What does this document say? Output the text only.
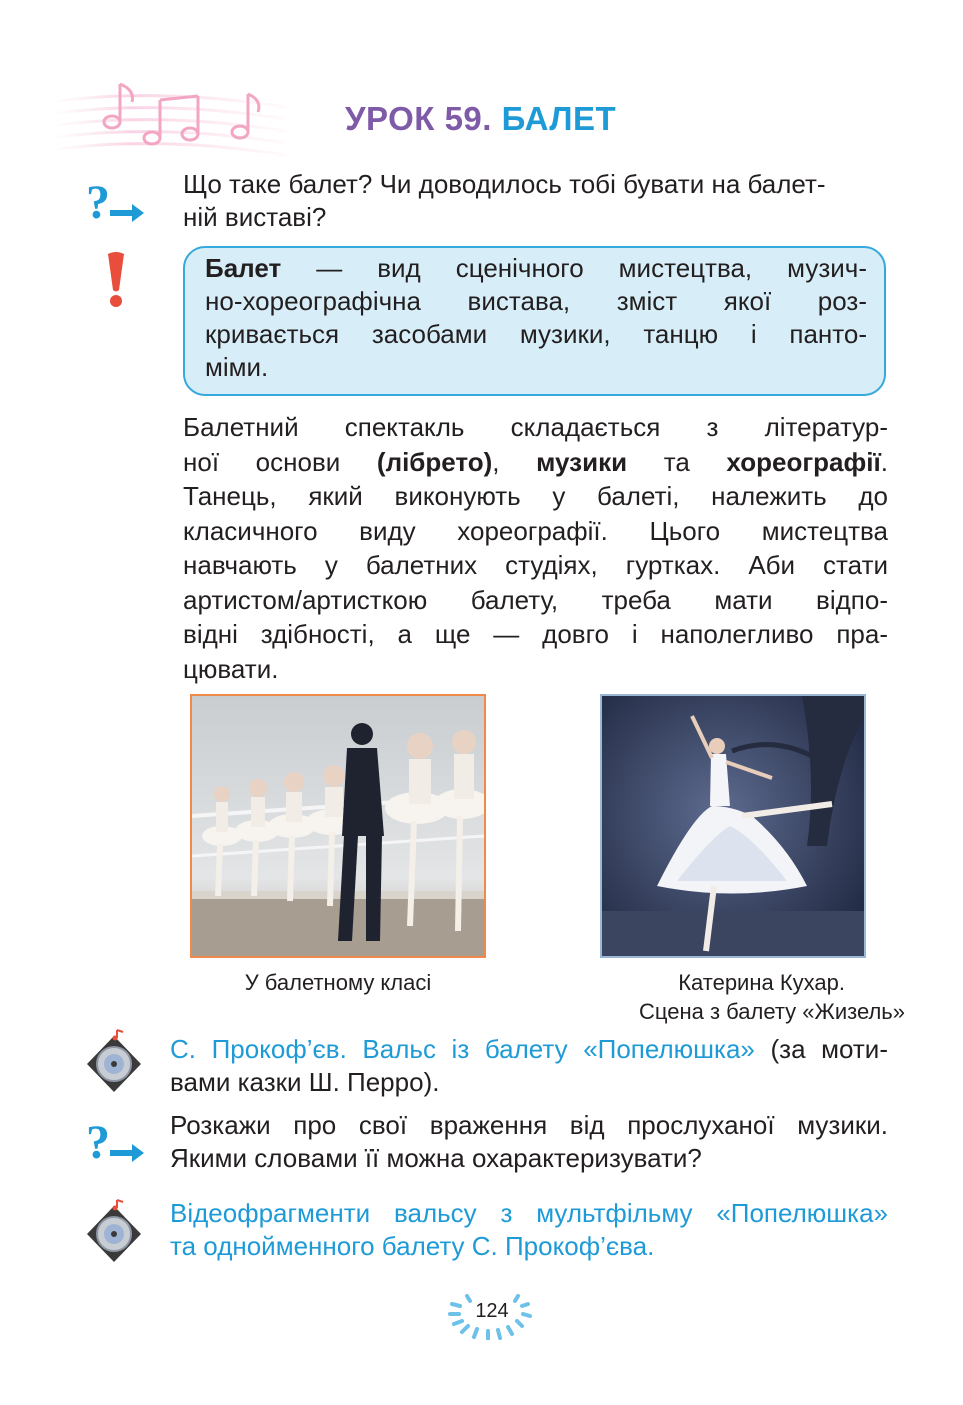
УРОК 59. БАЛЕТ
?	Що таке балет? Чи доводилось тобі бувати на балет-

ній виставі?

Балет — вид сценічного мистецтва, музич-
но-хореографічна вистава, зміст якої роз-
кривається засобами музики, танцю і панто-
міми.
Балетний спектакль складається з літератур-
ної основи (лібрето), музики та хореографії.
Танець, який виконують у балеті, належить до
класичного виду хореографії. Цього мистецтва
навчають у балетних студіях, гуртках. Аби стати
артистом/артисткою балету, треба мати відпо-
відні здібності, а ще — довго і наполегливо пра-
цювати.
У балетному класі	Катерина Кухар.
Сцена з балету «Жизель»
С. Прокоф’єв. Вальс із балету «Попелюшка» (за моти-
вами казки Ш. Перро).
? Розкажи про свої враження від прослуханої музики.
Якими словами її можна охарактеризувати?
Відеофрагменти вальсу з мультфільму «Попелюшка»
та однойменного балету С. Прокоф’єва.
124
